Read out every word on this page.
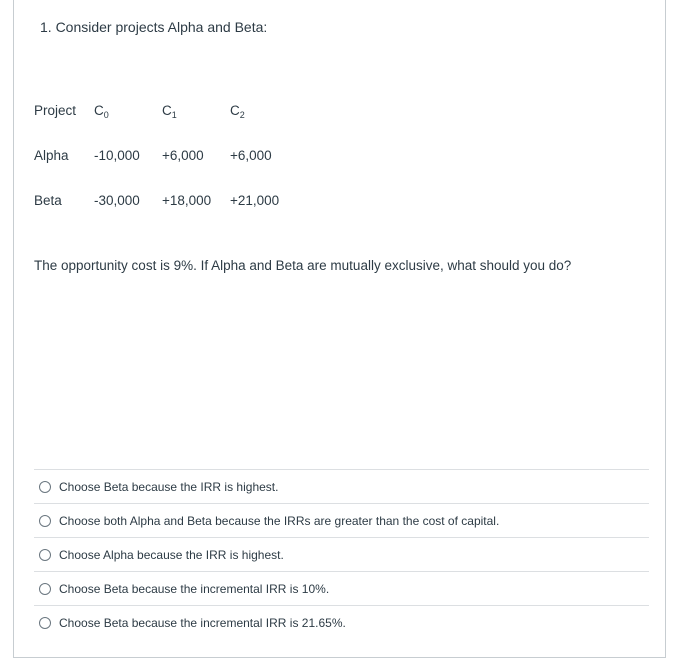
1. Consider projects Alpha and Beta:
Project $C_0$	$C_1$	$C_2$
Alpha -10,000 +6,000 +6,000
Beta -30,000 +18,000 +21,000
The opportunity cost is 9%. If Alpha and Beta are mutually exclusive, what should you do?
Choose Beta because the IRR is highest.
Choose both Alpha and Beta because the IRRs are greater than the cost of capital.
Choose Alpha because the IRR is highest.
Choose Beta because the incremental IRR is 10%.
Choose Beta because the incremental IRR is 21.65%.
